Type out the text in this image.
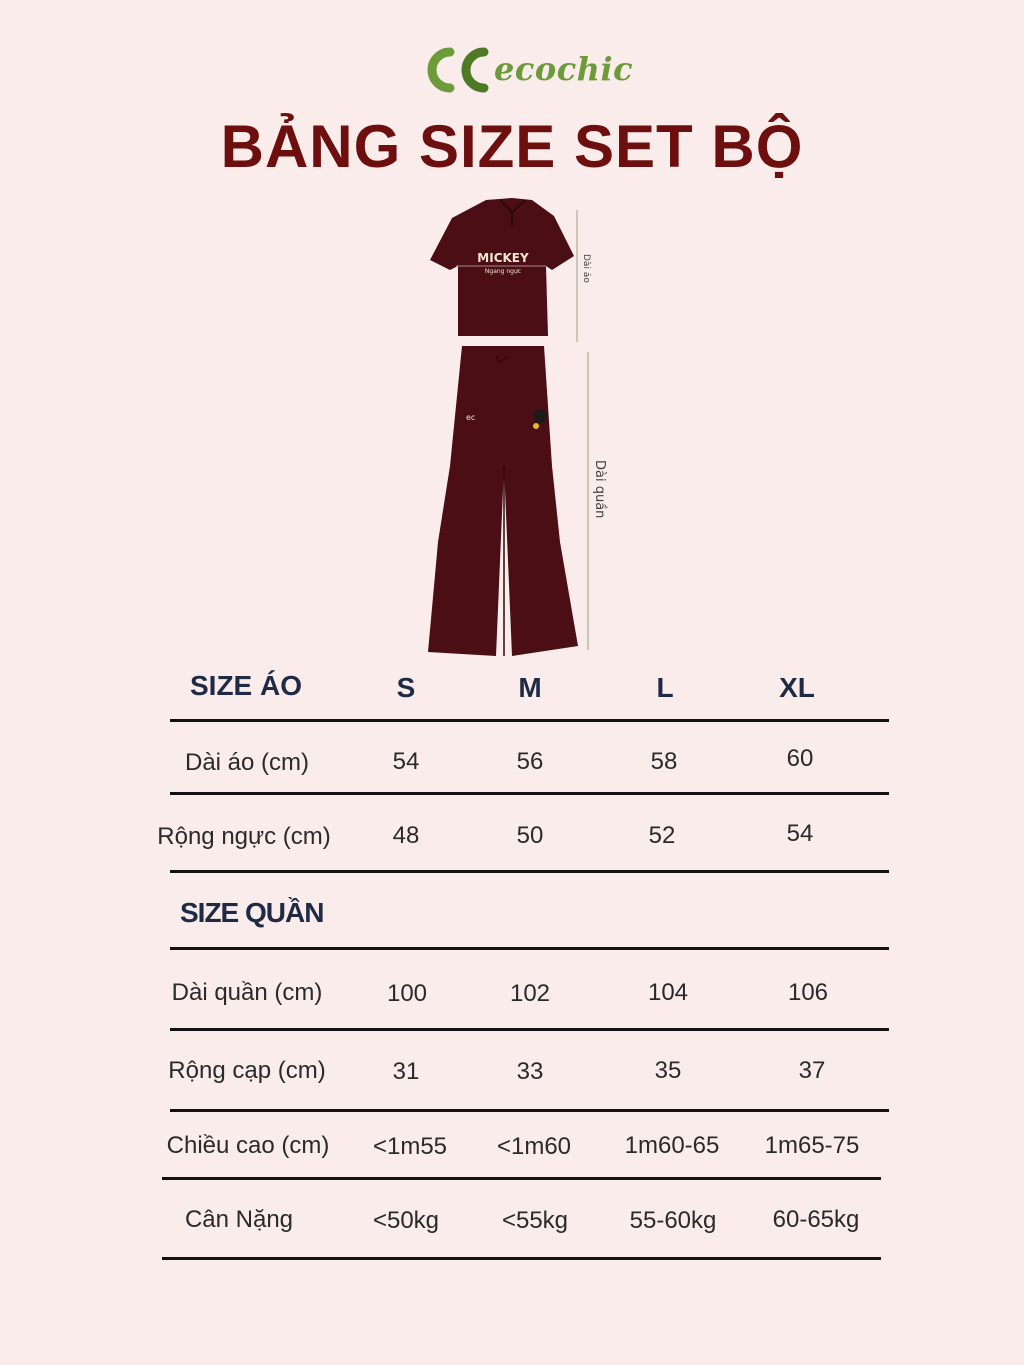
ecochic
BẢNG SIZE SET BỘ
MICKEY
Ngang ngực	Dài áo
ec
Dài quần
SIZE ÁO	S	M	L	XL
Dài áo (cm)	54	56	58	60
Rộng ngực (cm)	48	50	52	54
SIZE QUẦN
Dài quần (cm)	100	102	104	106
Rộng cạp (cm)	31	33	35	37
Chiều cao (cm) <1m55 <1m60 1m60-65 1m65-75
Cân Nặng	<50kg	<55kg	55-60kg 60-65kg
